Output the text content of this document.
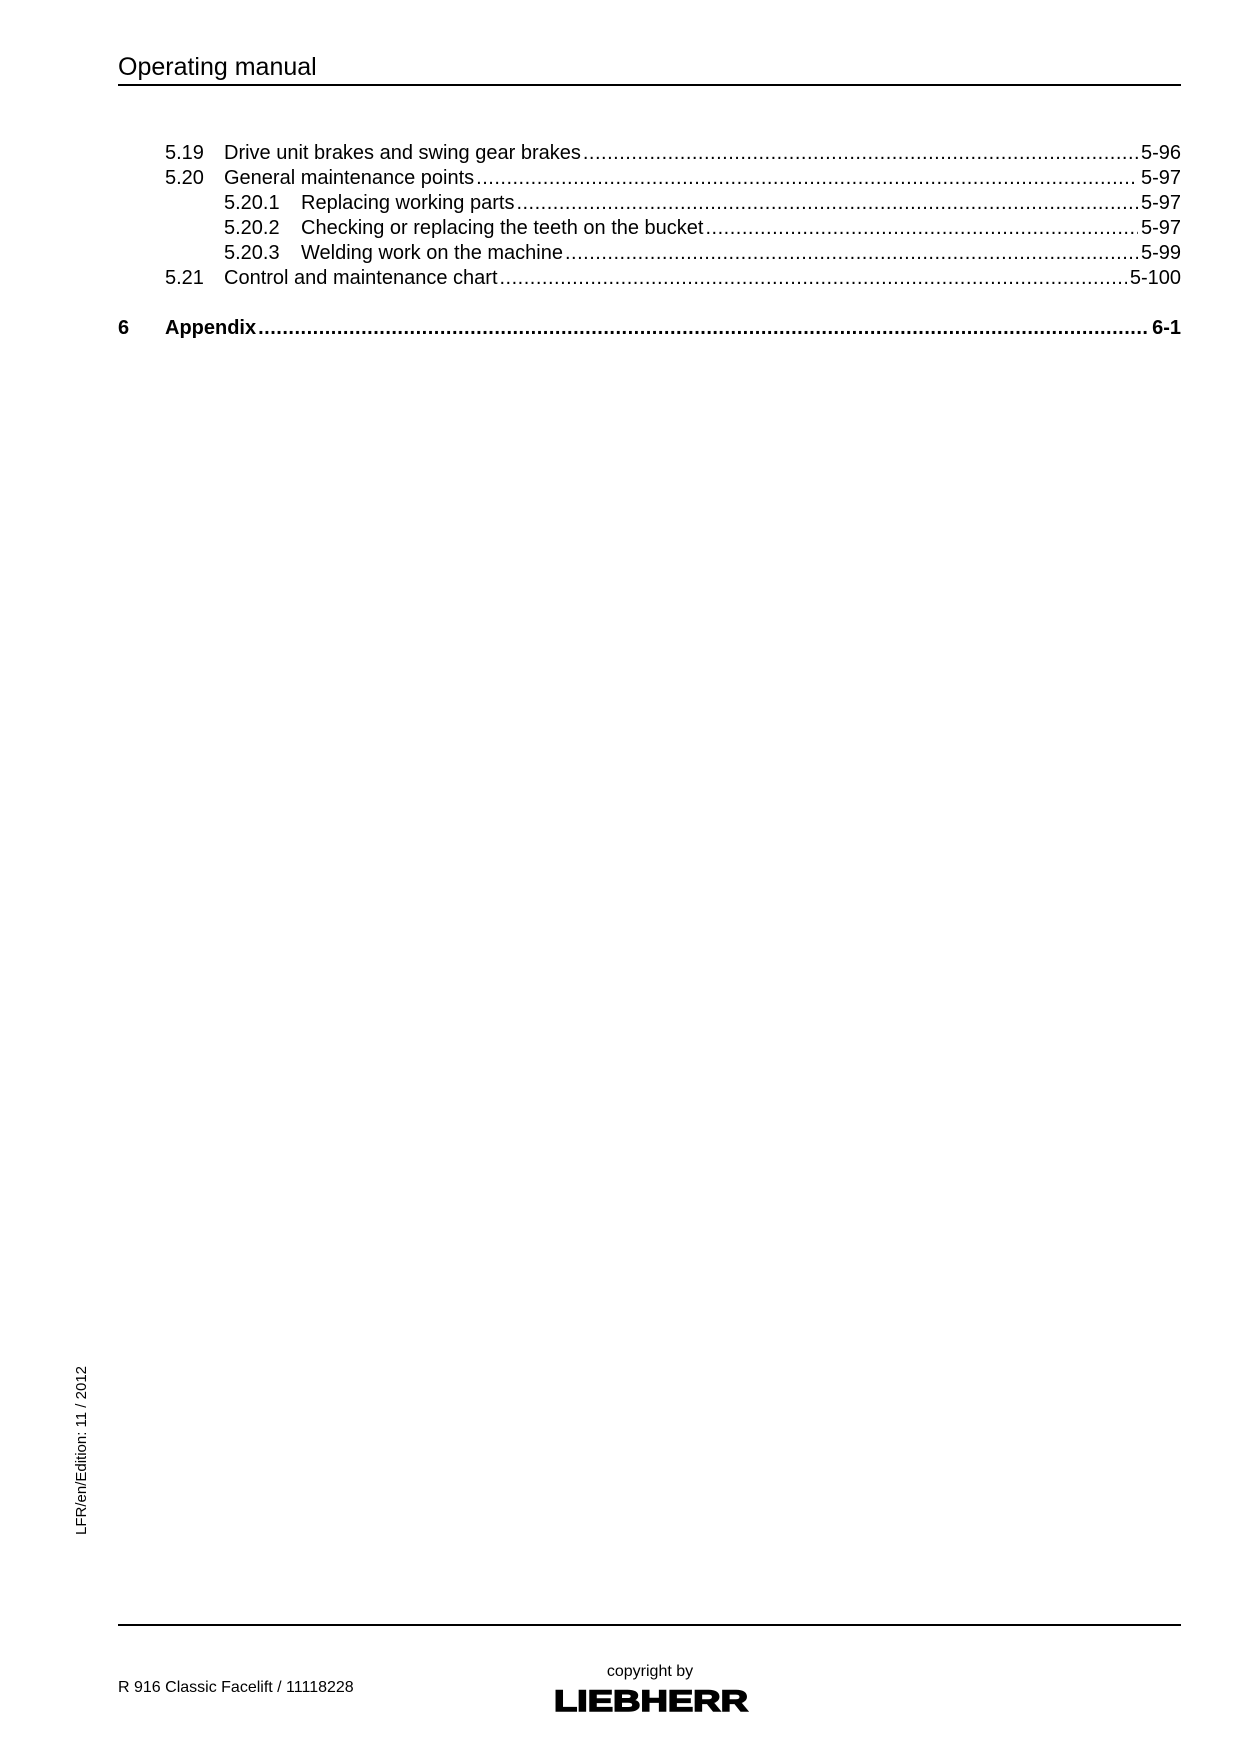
Operating manual
5.19	Drive unit brakes and swing gear brakes .....	5-96
5.20	General maintenance points .....	5-97
5.20.1	Replacing working parts .....	5-97
5.20.2	Checking or replacing the teeth on the bucket .....	5-97
5.20.3	Welding work on the machine .....	5-99
5.21	Control and maintenance chart .....	5-100
6	Appendix .....	6-1
LFR/en/Edition: 11 / 2012
R 916 Classic Facelift / 11118228
copyright by
LIEBHERR
